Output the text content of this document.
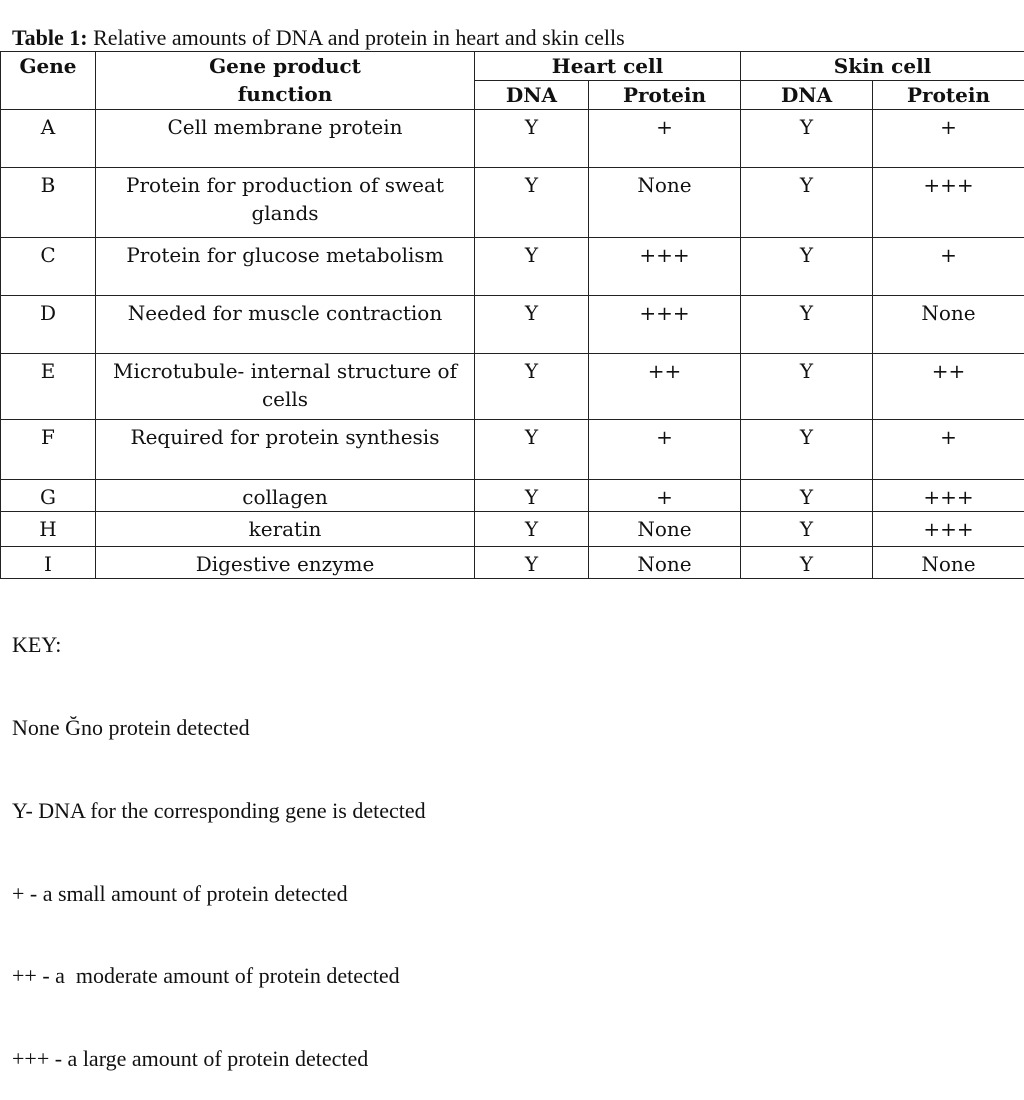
Table 1: Relative amounts of DNA and protein in heart and skin cells
Gene	Gene product function	Heart cell		Skin cell	
		DNA	Protein	DNA	Protein
A	Cell membrane protein	Y	+	Y	+
B	Protein for production of sweat glands	Y	None	Y	+++
C	Protein for glucose metabolism	Y	+++	Y	+
D	Needed for muscle contraction	Y	+++	Y	None
E	Microtubule- internal structure of cells	Y	++	Y	++
F	Required for protein synthesis	Y	+	Y	+
G	collagen	Y	+	Y	+++
H	keratin	Y	None	Y	+++
I	Digestive enzyme	Y	None	Y	None

KEY:

None Ğno protein detected

Y- DNA for the corresponding gene is detected

+ - a small amount of protein detected

++ - a  moderate amount of protein detected

+++ - a large amount of protein detected
